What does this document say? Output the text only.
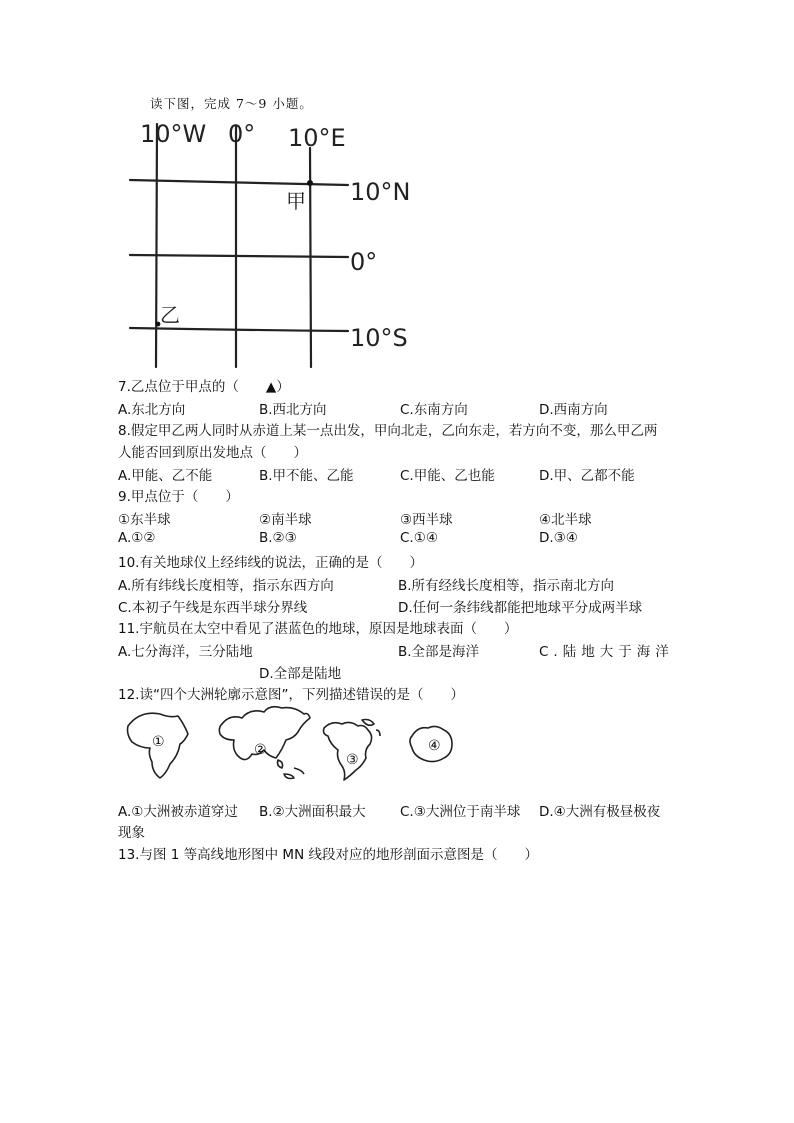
读下图，完成 7～9 小题。
10°W 0° 10°E
10°N
0°
10°S
甲
乙
7.乙点位于甲点的（　　▲）
A.东北方向	B.西北方向	C.东南方向	D.西南方向
8.假定甲乙两人同时从赤道上某一点出发，甲向北走，乙向东走，若方向不变，那么甲乙两
人能否回到原出发地点（　　）
A.甲能、乙不能	B.甲不能、乙能	C.甲能、乙也能	D.甲、乙都不能
9.甲点位于（　　）
①东半球	②南半球	③西半球	④北半球
A.①②	B.②③	C.①④	D.③④
10.有关地球仪上经纬线的说法，正确的是（　　）
A.所有纬线长度相等，指示东西方向	B.所有经线长度相等，指示南北方向
C.本初子午线是东西半球分界线	D.任何一条纬线都能把地球平分成两半球
11.宇航员在太空中看见了湛蓝色的地球，原因是地球表面（　　）
A.七分海洋，三分陆地	B.全部是海洋	C.陆地大于海洋
D.全部是陆地
12.读“四个大洲轮廓示意图”，下列描述错误的是（　　）
①	②
③
④
A.①大洲被赤道穿过 B.②大洲面积最大	C.③大洲位于南半球 D.④大洲有极昼极夜
现象
13.与图 1 等高线地形图中 MN 线段对应的地形剖面示意图是（　　）
